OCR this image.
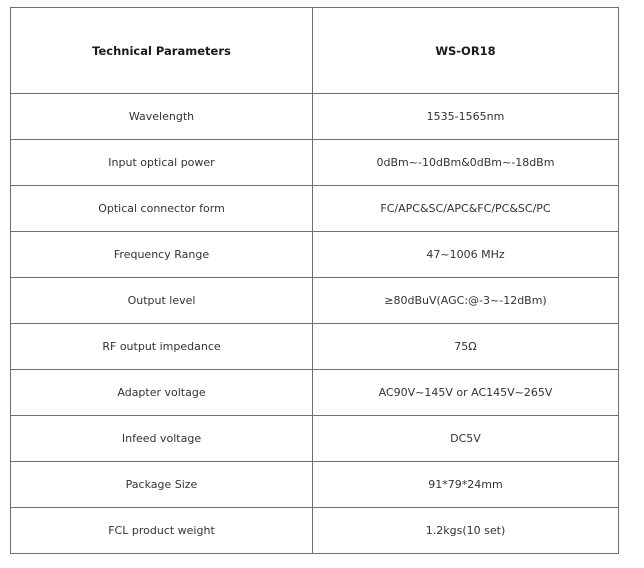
Technical Parameters	WS-OR18
Wavelength	1535-1565nm
Input optical power	0dBm~-10dBm&0dBm~-18dBm
Optical connector form	FC/APC&SC/APC&FC/PC&SC/PC
Frequency Range	47~1006 MHz
Output level	≥80dBuV(AGC:@-3~-12dBm)
RF output impedance	75Ω
Adapter voltage	AC90V~145V or AC145V~265V
Infeed voltage	DC5V
Package Size	91*79*24mm
FCL product weight	1.2kgs(10 set)
